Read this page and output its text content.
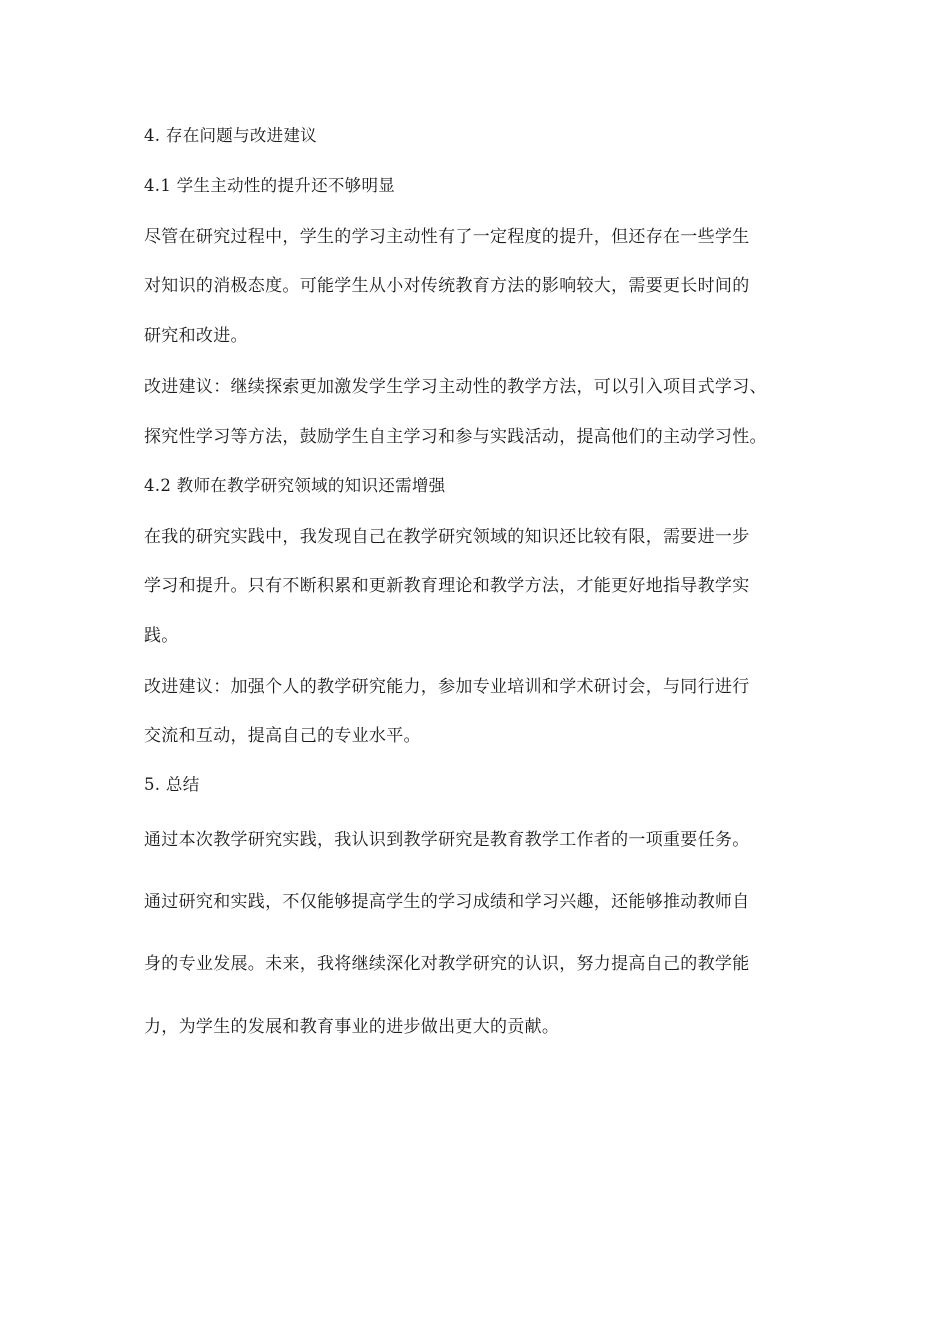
4. 存在问题与改进建议
4.1 学生主动性的提升还不够明显
尽管在研究过程中，学生的学习主动性有了一定程度的提升，但还存在一些学生
对知识的消极态度。可能学生从小对传统教育方法的影响较大，需要更长时间的
研究和改进。
改进建议：继续探索更加激发学生学习主动性的教学方法，可以引入项目式学习、
探究性学习等方法，鼓励学生自主学习和参与实践活动，提高他们的主动学习性。
4.2 教师在教学研究领域的知识还需增强
在我的研究实践中，我发现自己在教学研究领域的知识还比较有限，需要进一步
学习和提升。只有不断积累和更新教育理论和教学方法，才能更好地指导教学实
践。
改进建议：加强个人的教学研究能力，参加专业培训和学术研讨会，与同行进行
交流和互动，提高自己的专业水平。
5. 总结
通过本次教学研究实践，我认识到教学研究是教育教学工作者的一项重要任务。
通过研究和实践，不仅能够提高学生的学习成绩和学习兴趣，还能够推动教师自
身的专业发展。未来，我将继续深化对教学研究的认识，努力提高自己的教学能
力，为学生的发展和教育事业的进步做出更大的贡献。
